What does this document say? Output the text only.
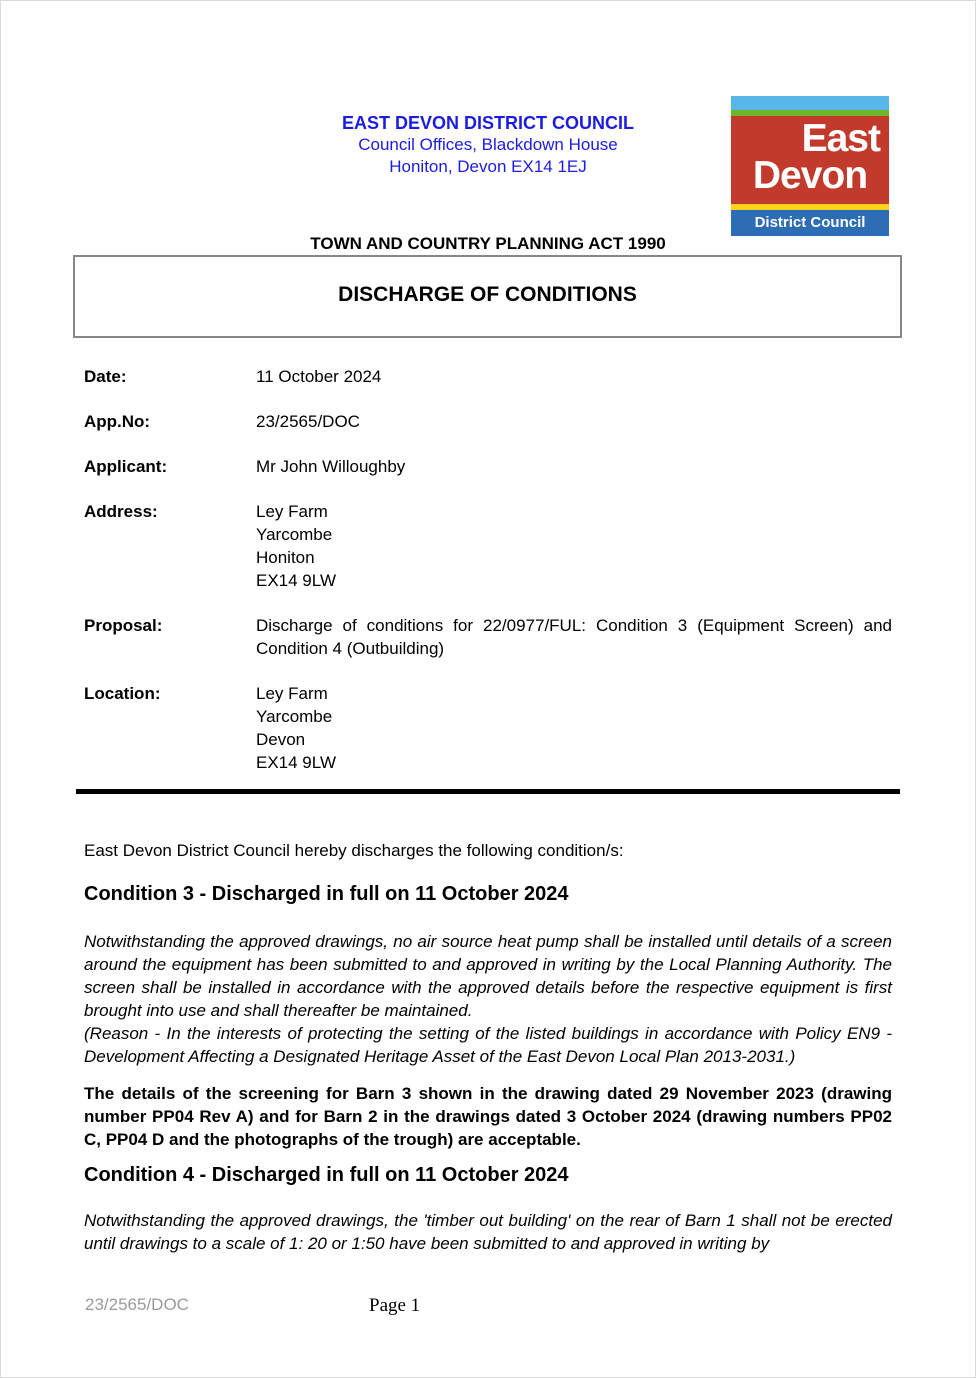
EAST DEVON DISTRICT COUNCIL
Council Offices, Blackdown House
Honiton, Devon EX14 1EJ
East
Devon
District Council
TOWN AND COUNTRY PLANNING ACT 1990
DISCHARGE OF CONDITIONS
Date:	11 October 2024
App.No:	23/2565/DOC
Applicant:	Mr John Willoughby
Address:	Ley Farm
Yarcombe
Honiton
EX14 9LW
Proposal:	Discharge of conditions for 22/0977/FUL: Condition 3 (Equipment Screen) and Condition 4 (Outbuilding)
Location:	Ley Farm
Yarcombe
Devon
EX14 9LW

East Devon District Council hereby discharges the following condition/s:

Condition 3 - Discharged in full on 11 October 2024

Notwithstanding the approved drawings, no air source heat pump shall be installed until details of a screen around the equipment has been submitted to and approved in writing by the Local Planning Authority. The screen shall be installed in accordance with the approved details before the respective equipment is first brought into use and shall thereafter be maintained.

(Reason - In the interests of protecting the setting of the listed buildings in accordance with Policy EN9 - Development Affecting a Designated Heritage Asset of the East Devon Local Plan 2013-2031.)

The details of the screening for Barn 3 shown in the drawing dated 29 November 2023 (drawing number PP04 Rev A) and for Barn 2 in the drawings dated 3 October 2024 (drawing numbers PP02 C, PP04 D and the photographs of the trough) are acceptable.

Condition 4 - Discharged in full on 11 October 2024

Notwithstanding the approved drawings, the 'timber out building' on the rear of Barn 1 shall not be erected until drawings to a scale of 1: 20 or 1:50 have been submitted to and approved in writing by

23/2565/DOC	Page 1
